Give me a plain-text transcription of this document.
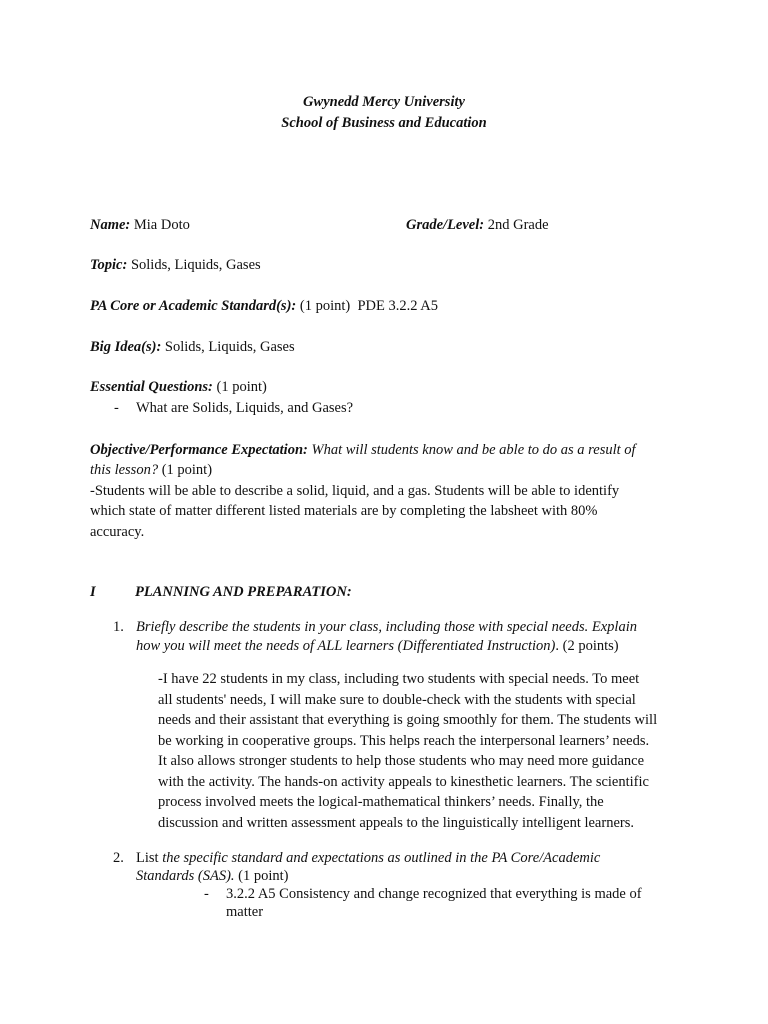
Gwynedd Mercy University
School of Business and Education
Name: Mia Doto	Grade/Level: 2nd Grade
Topic: Solids, Liquids, Gases
PA Core or Academic Standard(s): (1 point) PDE 3.2.2 A5
Big Idea(s): Solids, Liquids, Gases
Essential Questions: (1 point)
- What are Solids, Liquids, and Gases?
Objective/Performance Expectation: What will students know and be able to do as a result of
this lesson? (1 point)
-Students will be able to describe a solid, liquid, and a gas. Students will be able to identify
which state of matter different listed materials are by completing the labsheet with 80%
accuracy.
I	PLANNING AND PREPARATION:
1. Briefly describe the students in your class, including those with special needs. Explain
how you will meet the needs of ALL learners (Differentiated Instruction). (2 points)
-I have 22 students in my class, including two students with special needs. To meet
all students' needs, I will make sure to double-check with the students with special
needs and their assistant that everything is going smoothly for them. The students will
be working in cooperative groups. This helps reach the interpersonal learners’ needs.
It also allows stronger students to help those students who may need more guidance
with the activity. The hands-on activity appeals to kinesthetic learners. The scientific
process involved meets the logical-mathematical thinkers’ needs. Finally, the
discussion and written assessment appeals to the linguistically intelligent learners.
2. List the specific standard and expectations as outlined in the PA Core/Academic
Standards (SAS). (1 point)
- 3.2.2 A5 Consistency and change recognized that everything is made of
matter
